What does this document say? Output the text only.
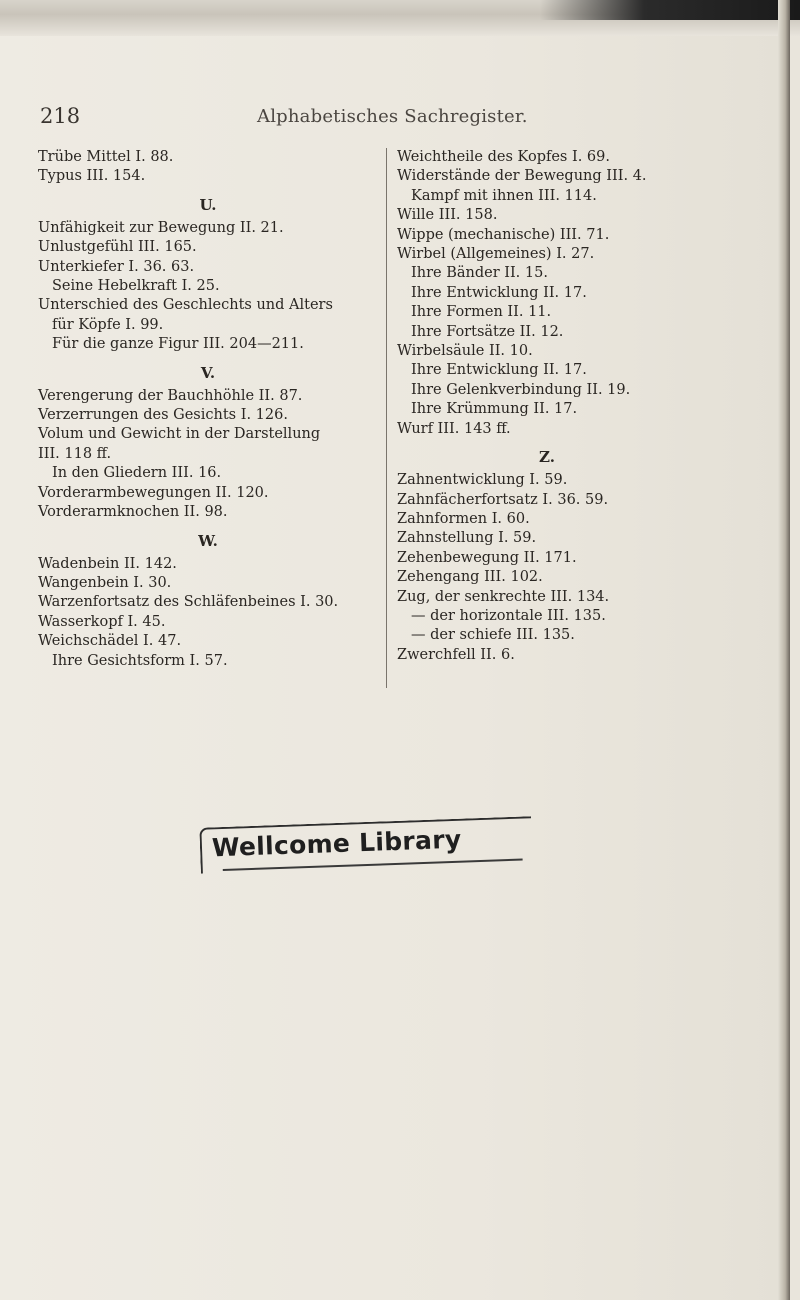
218	Alphabetisches Sachregister.
Trübe Mittel I. 88.
Typus III. 154.
U.
Unfähigkeit zur Bewegung II. 21.
Unlustgefühl III. 165.
Unterkiefer I. 36. 63.
Seine Hebelkraft I. 25.
Unterschied des Geschlechts und Alters
für Köpfe I. 99.
Für die ganze Figur III. 204—211.
V.
Verengerung der Bauchhöhle II. 87.
Verzerrungen des Gesichts I. 126.
Volum und Gewicht in der Darstellung
III. 118 ff.
In den Gliedern III. 16.
Vorderarmbewegungen II. 120.
Vorderarmknochen II. 98.
W.
Wadenbein II. 142.
Wangenbein I. 30.
Warzenfortsatz des Schläfenbeines I. 30.
Wasserkopf I. 45.
Weichschädel I. 47.
Ihre Gesichtsform I. 57.
Weichtheile des Kopfes I. 69.
Widerstände der Bewegung III. 4.
Kampf mit ihnen III. 114.
Wille III. 158.
Wippe (mechanische) III. 71.
Wirbel (Allgemeines) I. 27.
Ihre Bänder II. 15.
Ihre Entwicklung II. 17.
Ihre Formen II. 11.
Ihre Fortsätze II. 12.
Wirbelsäule II. 10.
Ihre Entwicklung II. 17.
Ihre Gelenkverbindung II. 19.
Ihre Krümmung II. 17.
Wurf III. 143 ff.
Z.
Zahnentwicklung I. 59.
Zahnfächerfortsatz I. 36. 59.
Zahnformen I. 60.
Zahnstellung I. 59.
Zehenbewegung II. 171.
Zehengang III. 102.
Zug, der senkrechte III. 134.
— der horizontale III. 135.
— der schiefe III. 135.
Zwerchfell II. 6.
Wellcome Library
